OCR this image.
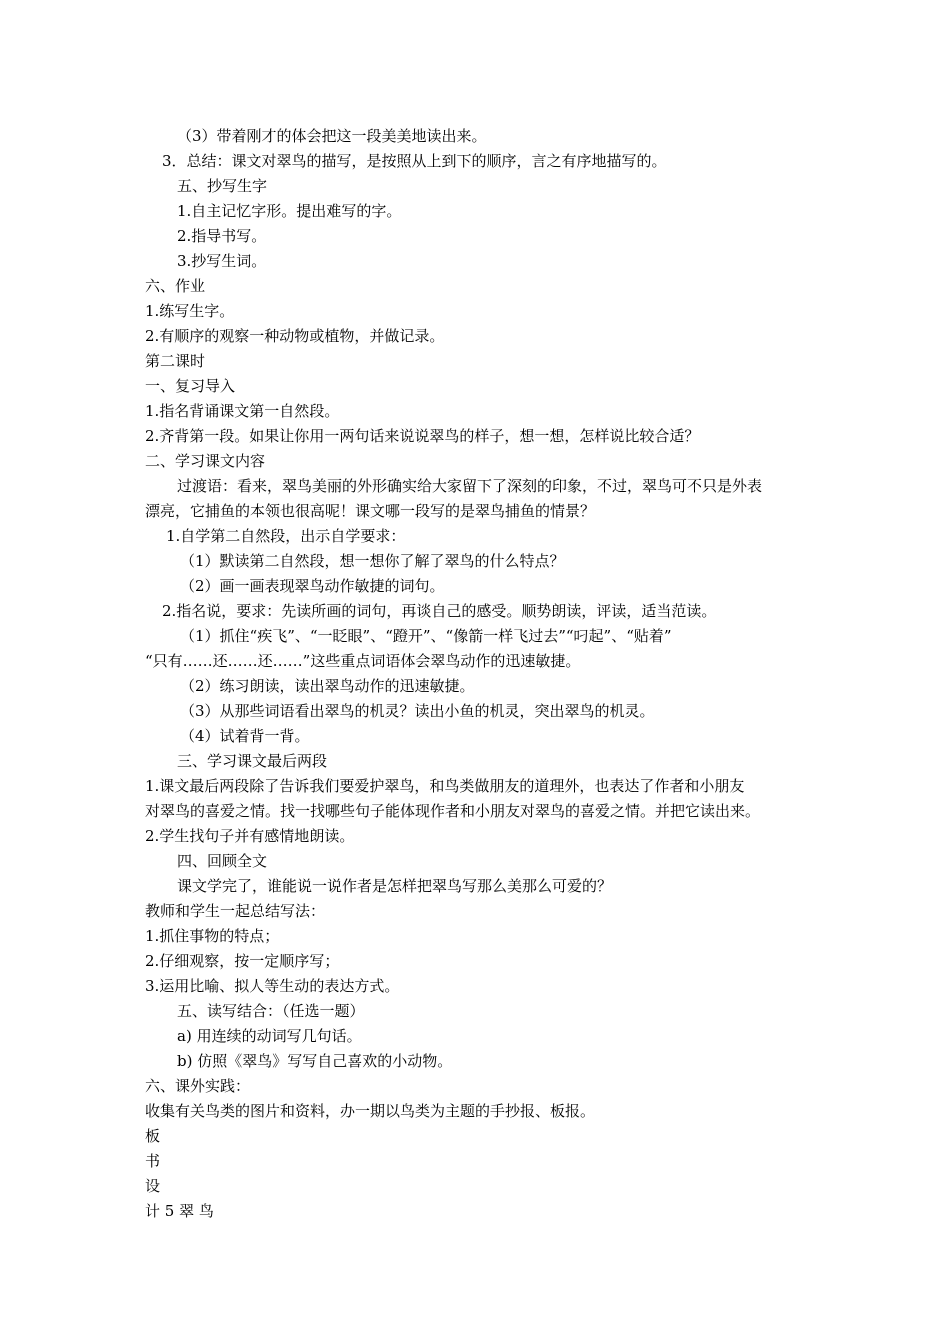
（3）带着刚才的体会把这一段美美地读出来。
3．总结：课文对翠鸟的描写，是按照从上到下的顺序，言之有序地描写的。
五、抄写生字
1.自主记忆字形。提出难写的字。
2.指导书写。
3.抄写生词。
六、作业
1.练写生字。
2.有顺序的观察一种动物或植物，并做记录。
第二课时
一、复习导入
1.指名背诵课文第一自然段。
2.齐背第一段。如果让你用一两句话来说说翠鸟的样子，想一想，怎样说比较合适？
二、学习课文内容
过渡语：看来，翠鸟美丽的外形确实给大家留下了深刻的印象，不过，翠鸟可不只是外表
漂亮，它捕鱼的本领也很高呢！课文哪一段写的是翠鸟捕鱼的情景？
1.自学第二自然段，出示自学要求：
（1）默读第二自然段，想一想你了解了翠鸟的什么特点？
（2）画一画表现翠鸟动作敏捷的词句。
2.指名说，要求：先读所画的词句，再谈自己的感受。顺势朗读，评读，适当范读。
（1）抓住“疾飞”、“一眨眼”、“蹬开”、“像箭一样飞过去”“叼起”、“贴着”
“只有……还……还……”这些重点词语体会翠鸟动作的迅速敏捷。
（2）练习朗读，读出翠鸟动作的迅速敏捷。
（3）从那些词语看出翠鸟的机灵？读出小鱼的机灵，突出翠鸟的机灵。
（4）试着背一背。
三、学习课文最后两段
1.课文最后两段除了告诉我们要爱护翠鸟，和鸟类做朋友的道理外，也表达了作者和小朋友
对翠鸟的喜爱之情。找一找哪些句子能体现作者和小朋友对翠鸟的喜爱之情。并把它读出来。
2.学生找句子并有感情地朗读。
四、回顾全文
课文学完了，谁能说一说作者是怎样把翠鸟写那么美那么可爱的？
教师和学生一起总结写法：
1.抓住事物的特点；
2.仔细观察，按一定顺序写；
3.运用比喻、拟人等生动的表达方式。
五、读写结合：（任选一题）
a) 用连续的动词写几句话。
b) 仿照《翠鸟》写写自己喜欢的小动物。
六、课外实践：
收集有关鸟类的图片和资料，办一期以鸟类为主题的手抄报、板报。
板
书
设
计 5 翠 鸟
